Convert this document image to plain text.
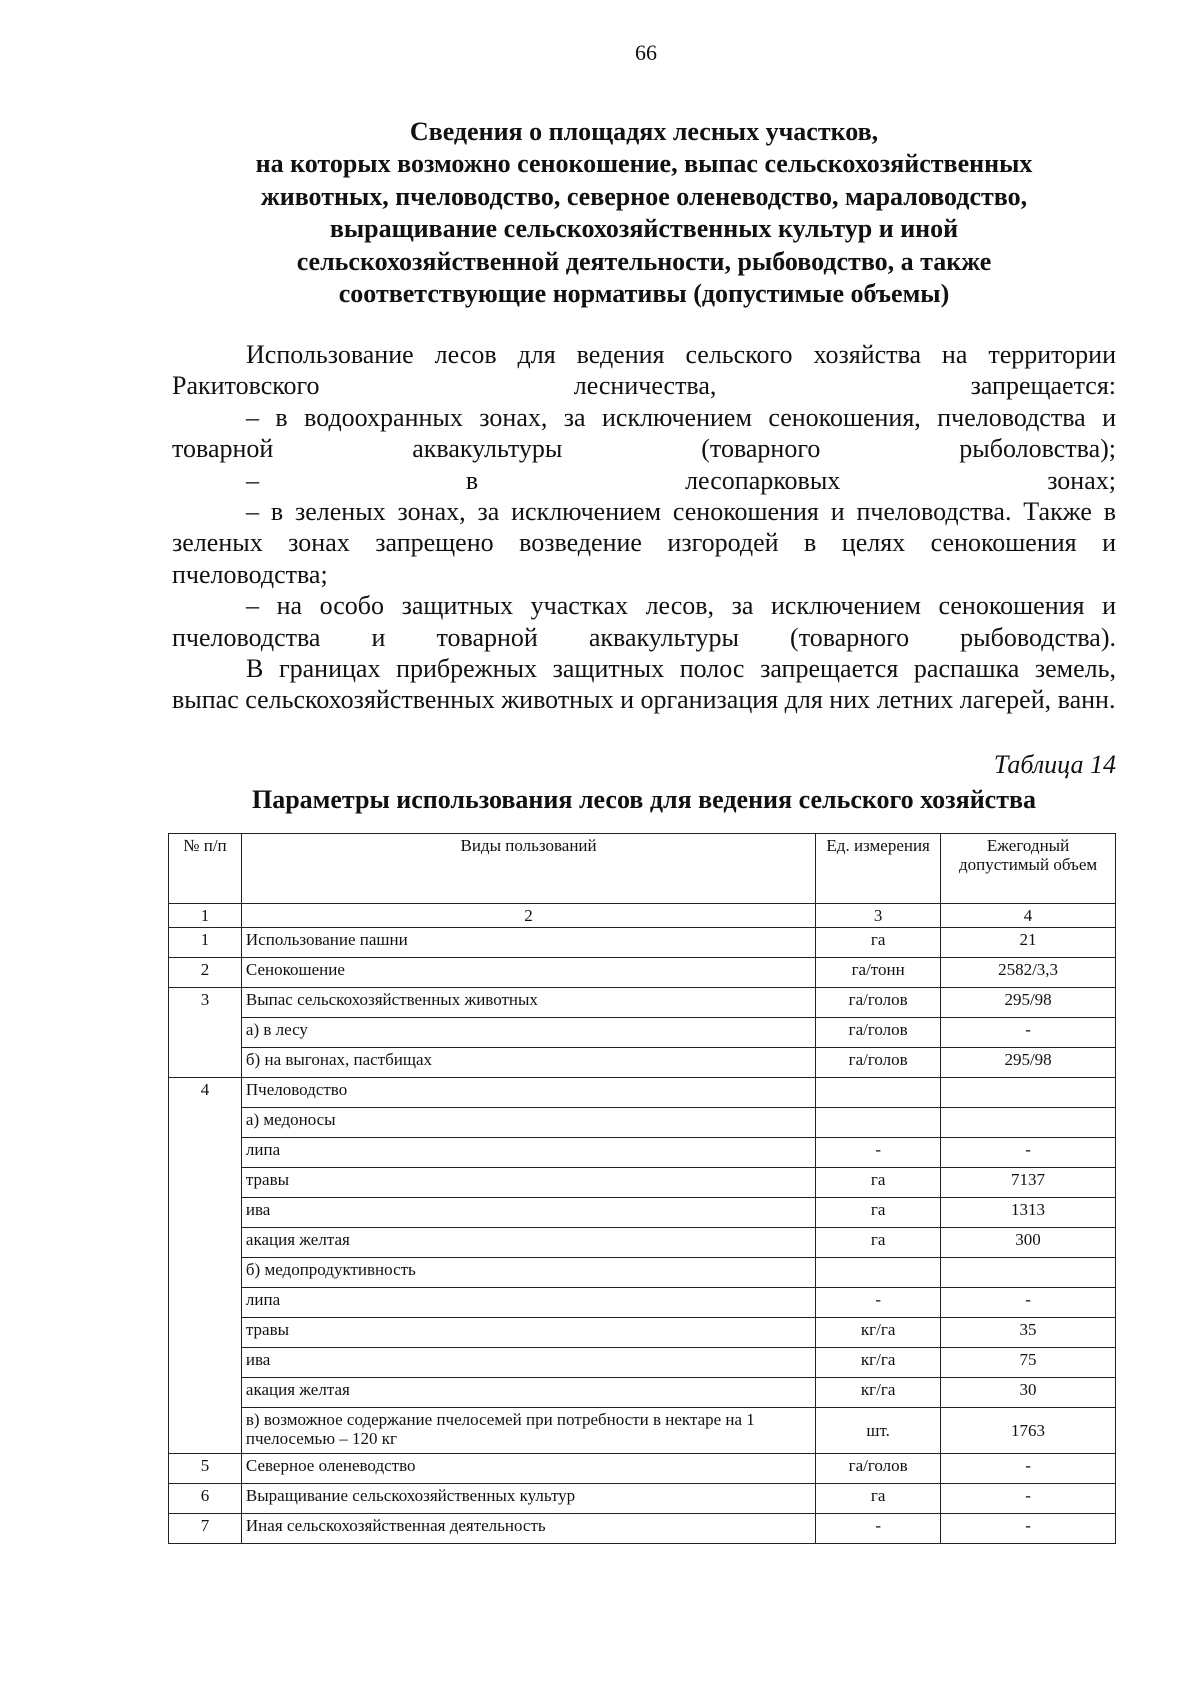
66
Сведения о площадях лесных участков,
на которых возможно сенокошение, выпас сельскохозяйственных
животных, пчеловодство, северное оленеводство, мараловодство,
выращивание сельскохозяйственных культур и иной
сельскохозяйственной деятельности, рыбоводство, а также
соответствующие нормативы (допустимые объемы)

Использование лесов для ведения сельского хозяйства на территории Ракитовского лесничества, запрещается:

– в водоохранных зонах, за исключением сенокошения, пчеловодства и товарной аквакультуры (товарного рыболовства);

– в лесопарковых зонах;

– в зеленых зонах, за исключением сенокошения и пчеловодства. Также в зеленых зонах запрещено возведение изгородей в целях сенокошения и пчеловодства;

– на особо защитных участках лесов, за исключением сенокошения и пчеловодства и товарной аквакультуры (товарного рыбоводства).

В границах прибрежных защитных полос запрещается распашка земель, выпас сельскохозяйственных животных и организация для них летних лагерей, ванн.

Таблица 14
Параметры использования лесов для ведения сельского хозяйства
№ п/п	Виды пользований	Ед. измерения	Ежегодный допустимый объем
1	2	3	4
1	Использование пашни	га	21
2	Сенокошение	га/тонн	2582/3,3
3	Выпас сельскохозяйственных животных	га/голов	295/98
	а) в лесу	га/голов	-
	б) на выгонах, пастбищах	га/голов	295/98
4	Пчеловодство		
	а) медоносы		
	липа	-	-
	травы	га	7137
	ива	га	1313
	акация желтая	га	300
	б) медопродуктивность		
	липа	-	-
	травы	кг/га	35
	ива	кг/га	75
	акация желтая	кг/га	30
	в) возможное содержание пчелосемей при потребности в нектаре на 1 пчелосемью – 120 кг	шт.	1763
5	Северное оленеводство	га/голов	-
6	Выращивание сельскохозяйственных культур	га	-
7	Иная сельскохозяйственная деятельность	-	-
